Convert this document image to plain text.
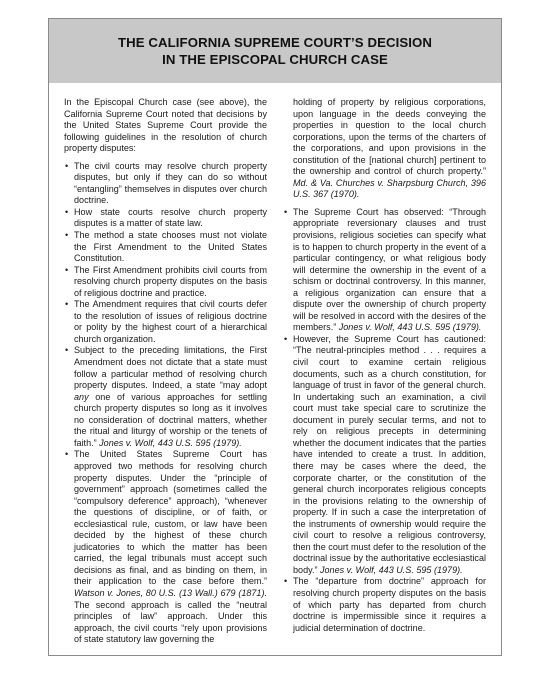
THE CALIFORNIA SUPREME COURT’S DECISION
IN THE EPISCOPAL CHURCH CASE

In the Episcopal Church case (see above), the California Supreme Court noted that decisions by the United States Supreme Court provide the following guidelines in the resolution of church property disputes:

• The civil courts may resolve church property disputes, but only if they can do so without “entangling” themselves in disputes over church doctrine.
• How state courts resolve church property disputes is a matter of state law.
• The method a state chooses must not violate the First Amendment to the United States Constitution.
• The First Amendment prohibits civil courts from resolving church property disputes on the basis of religious doctrine and practice.
• The Amendment requires that civil courts defer to the resolution of issues of religious doctrine or polity by the highest court of a hierarchical church organization.
• Subject to the preceding limitations, the First Amendment does not dictate that a state must follow a particular method of resolving church property disputes. Indeed, a state “may adopt any one of various approaches for settling church property disputes so long as it involves no consideration of doctrinal matters, whether the ritual and liturgy of worship or the tenets of faith.” Jones v. Wolf, 443 U.S. 595 (1979).
• The United States Supreme Court has approved two methods for resolving church property disputes. Under the “principle of government” approach (sometimes called the “compulsory deference” approach), “whenever the questions of discipline, or of faith, or ecclesiastical rule, custom, or law have been decided by the highest of these church judicatories to which the matter has been carried, the legal tribunals must accept such decisions as final, and as binding on them, in their application to the case before them.” Watson v. Jones, 80 U.S. (13 Wall.) 679 (1871). The second approach is called the “neutral principles of law” approach. Under this approach, the civil courts “rely upon provisions of state statutory law governing the

holding of property by religious corporations, upon language in the deeds conveying the properties in question to the local church corporations, upon the terms of the charters of the corporations, and upon provisions in the constitution of the [national church] pertinent to the ownership and control of church property.” Md. & Va. Churches v. Sharpsburg Church, 396 U.S. 367 (1970).

• The Supreme Court has observed: “Through appropriate reversionary clauses and trust provisions, religious societies can specify what is to happen to church property in the event of a particular contingency, or what religious body will determine the ownership in the event of a schism or doctrinal controversy. In this manner, a religious organization can ensure that a dispute over the ownership of church property will be resolved in accord with the desires of the members.” Jones v. Wolf, 443 U.S. 595 (1979).
• However, the Supreme Court has cautioned: “The neutral-principles method . . . requires a civil court to examine certain religious documents, such as a church constitution, for language of trust in favor of the general church. In undertaking such an examination, a civil court must take special care to scrutinize the document in purely secular terms, and not to rely on religious precepts in determining whether the document indicates that the parties have intended to create a trust. In addition, there may be cases where the deed, the corporate charter, or the constitution of the general church incorporates religious concepts in the provisions relating to the ownership of property. If in such a case the interpretation of the instruments of ownership would require the civil court to resolve a religious controversy, then the court must defer to the resolution of the doctrinal issue by the authoritative ecclesiastical body.” Jones v. Wolf, 443 U.S. 595 (1979).
• The “departure from doctrine” approach for resolving church property disputes on the basis of which party has departed from church doctrine is impermissible since it requires a judicial determination of doctrine.
